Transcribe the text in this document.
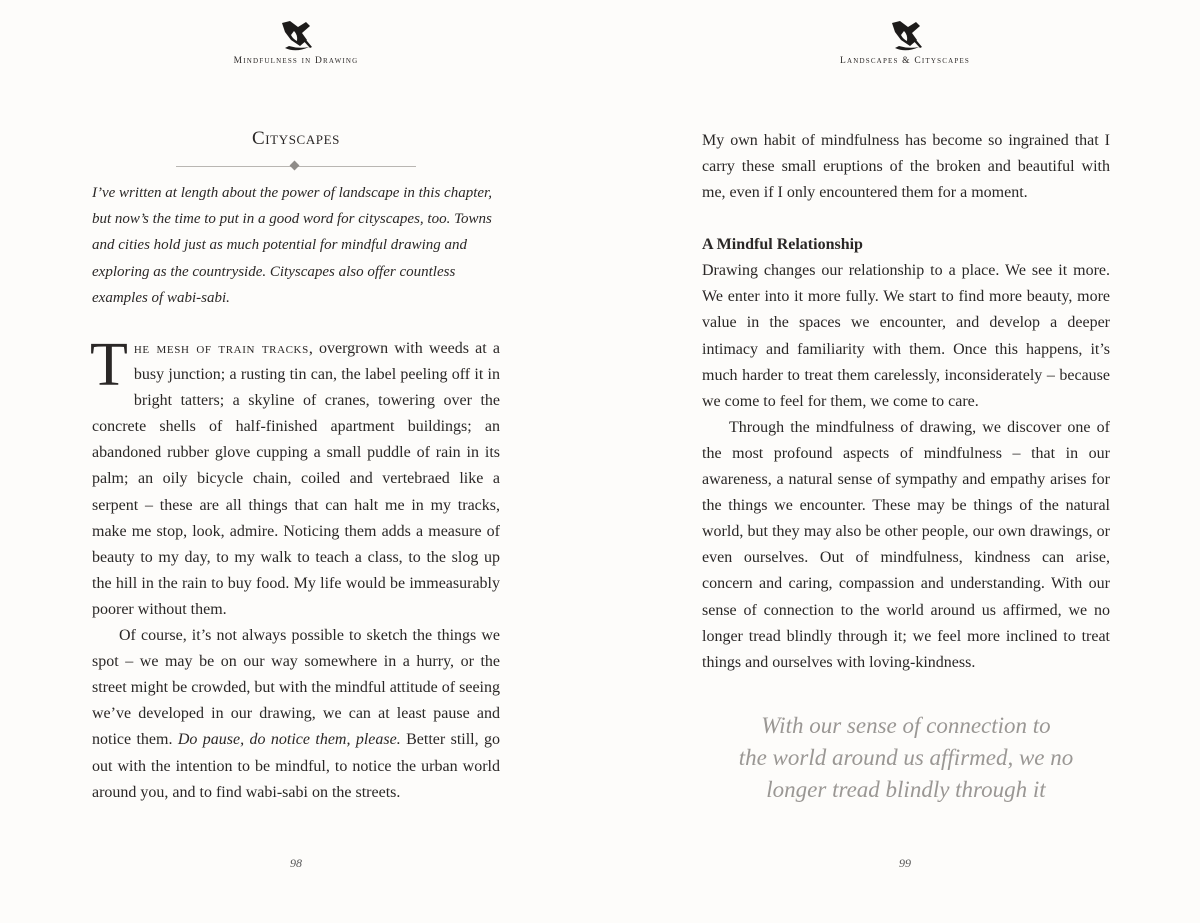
Mindfulness in Drawing
Cityscapes

I’ve written at length about the power of landscape in this chapter, but now’s the time to put in a good word for cityscapes, too. Towns and cities hold just as much potential for mindful drawing and exploring as the countryside. Cityscapes also offer countless examples of wabi-sabi.

The mesh of train tracks, overgrown with weeds at a busy junction; a rusting tin can, the label peeling off it in bright tatters; a skyline of cranes, towering over the concrete shells of half-finished apartment buildings; an abandoned rubber glove cupping a small puddle of rain in its palm; an oily bicycle chain, coiled and vertebraed like a serpent – these are all things that can halt me in my tracks, make me stop, look, admire. Noticing them adds a measure of beauty to my day, to my walk to teach a class, to the slog up the hill in the rain to buy food. My life would be immeasurably poorer without them.

Of course, it’s not always possible to sketch the things we spot – we may be on our way somewhere in a hurry, or the street might be crowded, but with the mindful attitude of seeing we’ve developed in our drawing, we can at least pause and notice them. Do pause, do notice them, please. Better still, go out with the intention to be mindful, to notice the urban world around you, and to find wabi-sabi on the streets.

98
Landscapes & Cityscapes
99

My own habit of mindfulness has become so ingrained that I carry these small eruptions of the broken and beautiful with me, even if I only encountered them for a moment.

A Mindful Relationship

Drawing changes our relationship to a place. We see it more. We enter into it more fully. We start to find more beauty, more value in the spaces we encounter, and develop a deeper intimacy and familiarity with them. Once this happens, it’s much harder to treat them carelessly, inconsiderately – because we come to feel for them, we come to care.

Through the mindfulness of drawing, we discover one of the most profound aspects of mindfulness – that in our awareness, a natural sense of sympathy and empathy arises for the things we encounter. These may be things of the natural world, but they may also be other people, our own drawings, or even ourselves. Out of mindfulness, kindness can arise, concern and caring, compassion and understanding. With our sense of connection to the world around us affirmed, we no longer tread blindly through it; we feel more inclined to treat things and ourselves with loving-kindness.

With our sense of connection to
the world around us affirmed, we no
longer tread blindly through it
